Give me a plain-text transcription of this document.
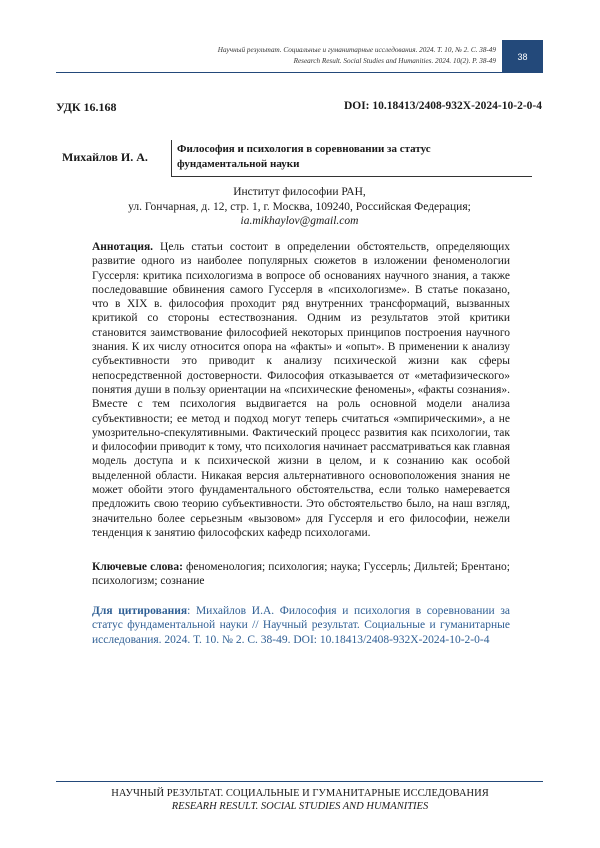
Научный результат. Социальные и гуманитарные исследования. 2024. Т. 10, № 2. С. 38-49
Research Result. Social Studies and Humanities. 2024. 10(2). P. 38-49 38
УДК 16.168	DOI: 10.18413/2408-932X-2024-10-2-0-4
Михайлов И. А.
Философия и психология в соревновании за статус фундаментальной науки
Институт философии РАН,
ул. Гончарная, д. 12, стр. 1, г. Москва, 109240, Российская Федерация;
ia.mikhaylov@gmail.com
Аннотация. Цель статьи состоит в определении обстоятельств, определяющих развитие одного из наиболее популярных сюжетов в изложении феноменологии Гуссерля: критика психологизма в вопросе об основаниях научного знания, а также последовавшие обвинения самого Гуссерля в «психологизме». В статье показано, что в XIX в. философия проходит ряд внутренних трансформаций, вызванных критикой со стороны естествознания. Одним из результатов этой критики становится заимствование философией некоторых принципов построения научного знания. К их числу относится опора на «факты» и «опыт». В применении к анализу субъективности это приводит к анализу психической жизни как сферы непосредственной достоверности. Философия отказывается от «метафизического» понятия души в пользу ориентации на «психические феномены», «факты сознания». Вместе с тем психология выдвигается на роль основной модели анализа субъективности; ее метод и подход могут теперь считаться «эмпирическими», а не умозрительно-спекулятивными. Фактический процесс развития как психологии, так и философии приводит к тому, что психология начинает рассматриваться как главная модель доступа и к психической жизни в целом, и к сознанию как особой выделенной области. Никакая версия альтернативного основоположения знания не может обойти этого фундаментального обстоятельства, если только намеревается предложить свою теорию субъективности. Это обстоятельство было, на наш взгляд, значительно более серьезным «вызовом» для Гуссерля и его философии, нежели тенденция к занятию философских кафедр психологами.
Ключевые слова: феноменология; психология; наука; Гуссерль; Дильтей; Брентано; психологизм; сознание
Для цитирования: Михайлов И.А. Философия и психология в соревновании за статус фундаментальной науки // Научный результат. Социальные и гуманитарные исследования. 2024. Т. 10. № 2. С. 38-49. DOI: 10.18413/2408-932X-2024-10-2-0-4
НАУЧНЫЙ РЕЗУЛЬТАТ. СОЦИАЛЬНЫЕ И ГУМАНИТАРНЫЕ ИССЛЕДОВАНИЯ
RESEARH RESULT. SOCIAL STUDIES AND HUMANITIES
